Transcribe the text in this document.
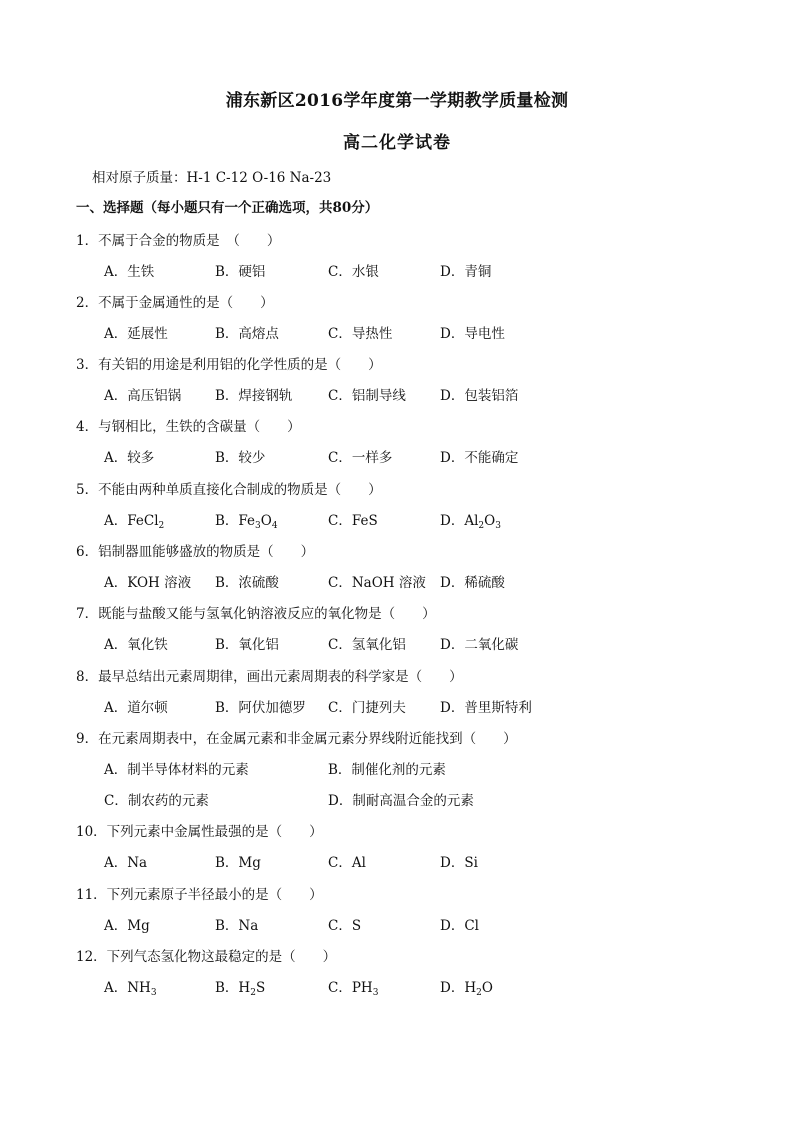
浦东新区2016学年度第一学期教学质量检测
高二化学试卷
相对原子质量：H-1 C-12 O-16 Na-23
一、选择题（每小题只有一个正确选项，共80分）
1．不属于合金的物质是　（　　）
A．生铁	B．硬铝	C．水银	D．青铜
2．不属于金属通性的是（　　）
A．延展性	B．高熔点	C．导热性	D．导电性
3．有关铝的用途是利用铝的化学性质的是（　　）
A．高压铝锅	B．焊接钢轨	C．铝制导线	D．包装铝箔
4．与钢相比，生铁的含碳量（　　）
A．较多	B．较少	C．一样多	D．不能确定
5．不能由两种单质直接化合制成的物质是（　　）
A．FeCl$_2$	B．$Fe_3O_4$	C．FeS	D．$Al_2O_3$
6．铝制器皿能够盛放的物质是（　　）
A．KOH 溶液 B．浓硫酸	C．NaOH 溶液 D．稀硫酸
7．既能与盐酸又能与氢氧化钠溶液反应的氧化物是（　　）
A．氧化铁	B．氧化铝	C．氢氧化铝	D．二氧化碳
8．最早总结出元素周期律，画出元素周期表的科学家是（　　）
A．道尔顿	B．阿伏加德罗 C．门捷列夫	D．普里斯特利
9．在元素周期表中，在金属元素和非金属元素分界线附近能找到（　　）
A．制半导体材料的元素	B．制催化剂的元素
C．制农药的元素	D．制耐高温合金的元素
10．下列元素中金属性最强的是（　　）
A．Na	B．Mg	C．Al	D．Si
11．下列元素原子半径最小的是（　　）
A．Mg	B．Na	C．S	D．Cl
12．下列气态氢化物这最稳定的是（　　）
A．$NH_3$	B．$H_2S$	C．$PH_3$	D．$H_2O$
